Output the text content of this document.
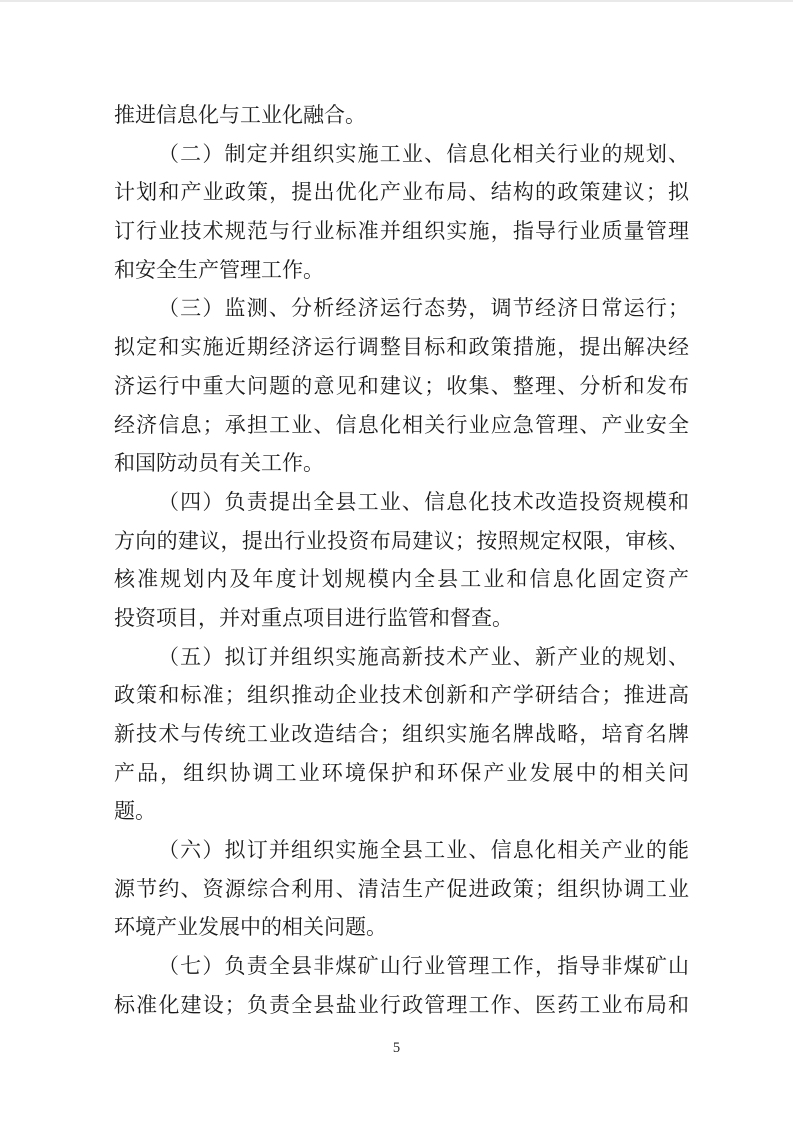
推进信息化与工业化融合。
（二）制定并组织实施工业、信息化相关行业的规划、
计划和产业政策，提出优化产业布局、结构的政策建议；拟
订行业技术规范与行业标准并组织实施，指导行业质量管理
和安全生产管理工作。
（三）监测、分析经济运行态势，调节经济日常运行；
拟定和实施近期经济运行调整目标和政策措施，提出解决经
济运行中重大问题的意见和建议；收集、整理、分析和发布
经济信息；承担工业、信息化相关行业应急管理、产业安全
和国防动员有关工作。
（四）负责提出全县工业、信息化技术改造投资规模和
方向的建议，提出行业投资布局建议；按照规定权限，审核、
核准规划内及年度计划规模内全县工业和信息化固定资产
投资项目，并对重点项目进行监管和督查。
（五）拟订并组织实施高新技术产业、新产业的规划、
政策和标准；组织推动企业技术创新和产学研结合；推进高
新技术与传统工业改造结合；组织实施名牌战略，培育名牌
产品，组织协调工业环境保护和环保产业发展中的相关问
题。
（六）拟订并组织实施全县工业、信息化相关产业的能
源节约、资源综合利用、清洁生产促进政策；组织协调工业
环境产业发展中的相关问题。
（七）负责全县非煤矿山行业管理工作，指导非煤矿山
标准化建设；负责全县盐业行政管理工作、医药工业布局和
5
